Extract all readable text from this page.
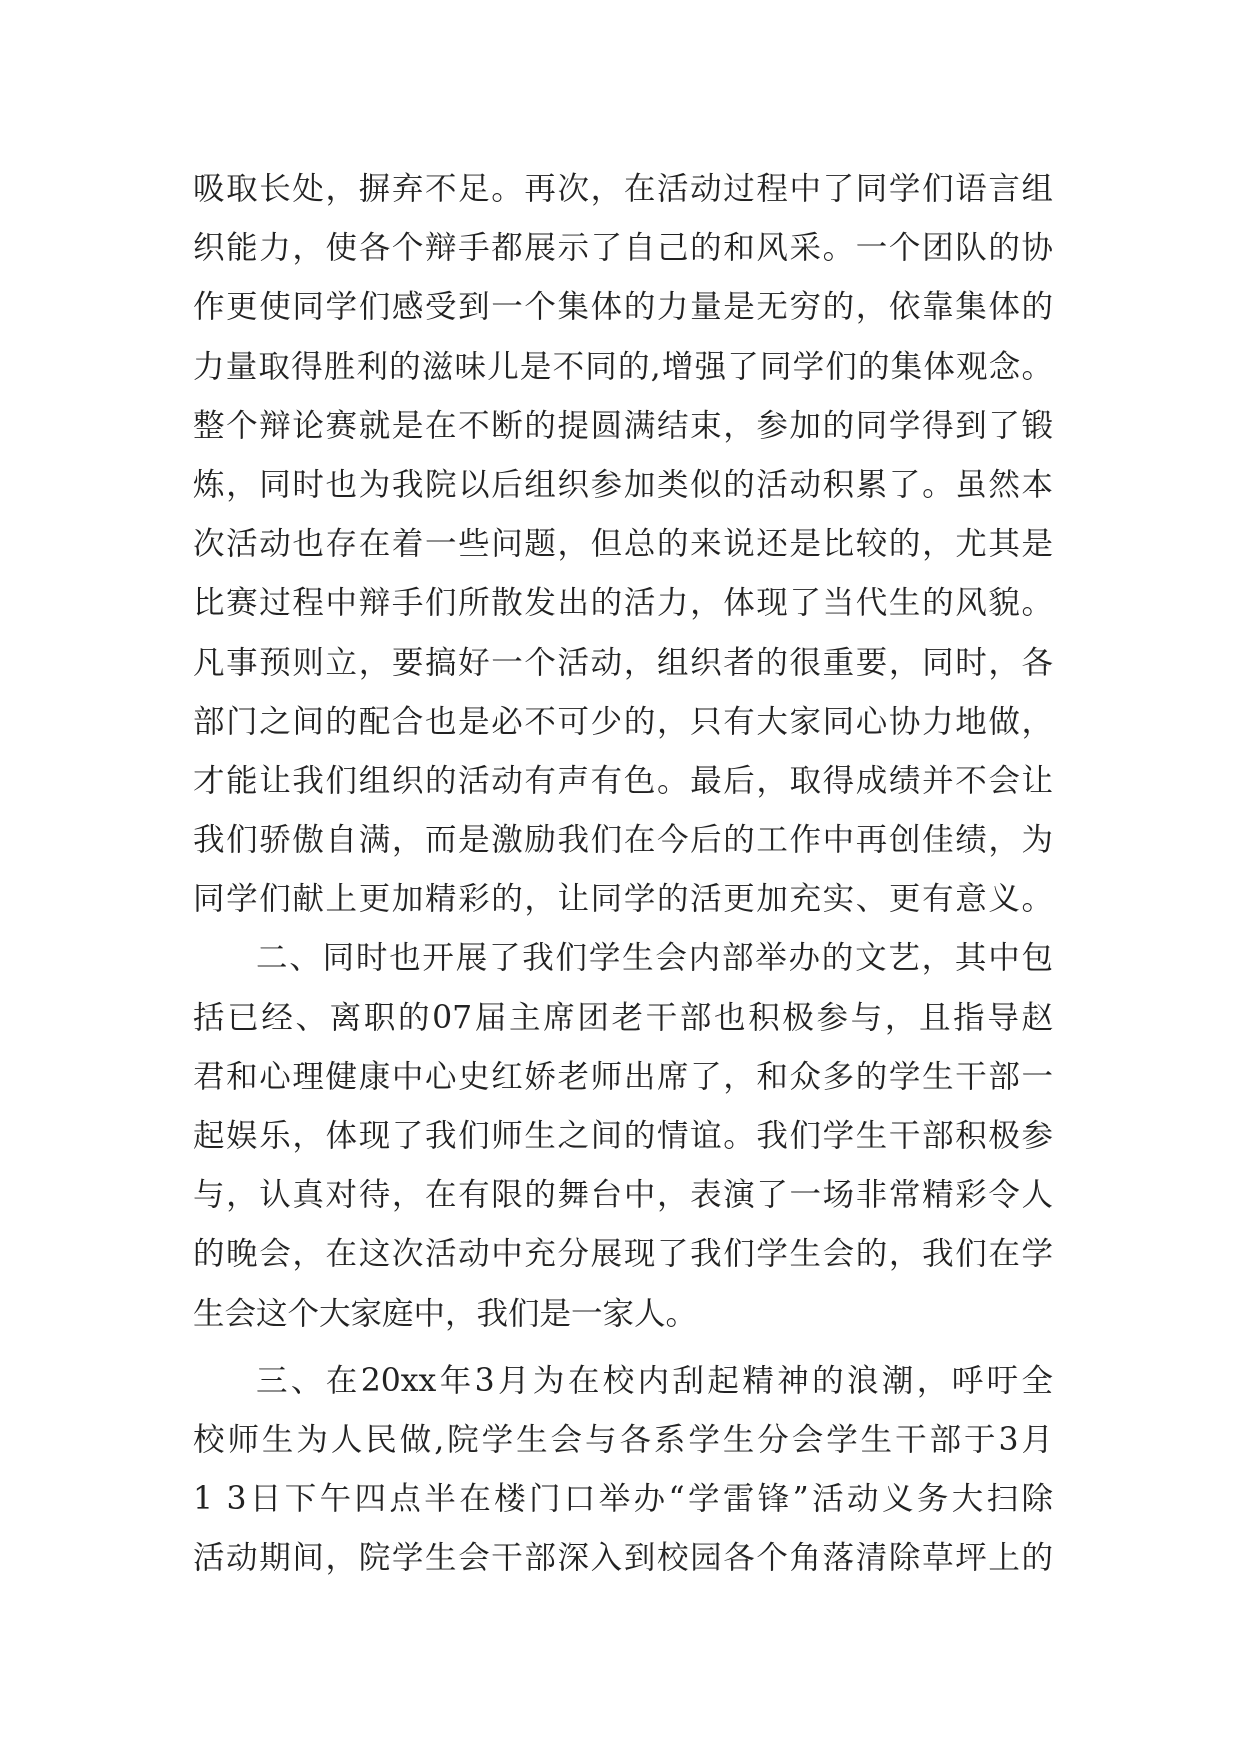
吸取长处，摒弃不足。再次，在活动过程中了同学们语言组
织能力，使各个辩手都展示了自己的和风采。一个团队的协
作更使同学们感受到一个集体的力量是无穷的，依靠集体的
力量取得胜利的滋味儿是不同的,增强了同学们的集体观念。
整个辩论赛就是在不断的提圆满结束，参加的同学得到了锻
炼，同时也为我院以后组织参加类似的活动积累了。虽然本
次活动也存在着一些问题，但总的来说还是比较的，尤其是
比赛过程中辩手们所散发出的活力，体现了当代生的风貌。
凡事预则立，要搞好一个活动，组织者的很重要，同时，各
部门之间的配合也是必不可少的，只有大家同心协力地做，
才能让我们组织的活动有声有色。最后，取得成绩并不会让
我们骄傲自满，而是激励我们在今后的工作中再创佳绩，为
同学们献上更加精彩的，让同学的活更加充实、更有意义。
二、同时也开展了我们学生会内部举办的文艺，其中包
括已经、离职的07届主席团老干部也积极参与，且指导赵
君和心理健康中心史红娇老师出席了，和众多的学生干部一
起娱乐，体现了我们师生之间的情谊。我们学生干部积极参
与，认真对待，在有限的舞台中，表演了一场非常精彩令人
的晚会，在这次活动中充分展现了我们学生会的，我们在学
生会这个大家庭中，我们是一家人。
三、在20xx年3月为在校内刮起精神的浪潮，呼吁全
校师生为人民做,院学生会与各系学生分会学生干部于3月
1 3日下午四点半在楼门口举办“学雷锋”活动义务大扫除
活动期间，院学生会干部深入到校园各个角落清除草坪上的
